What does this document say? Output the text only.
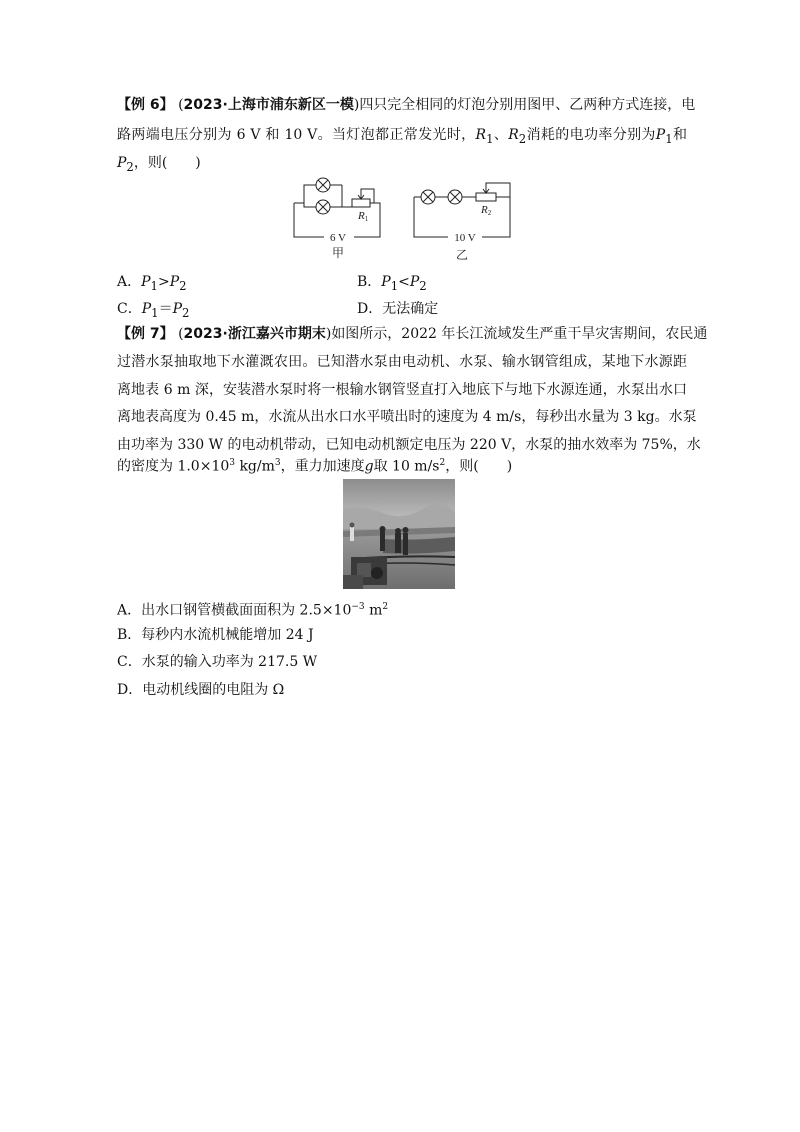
【例 6】 (2023·上海市浦东新区一模)四只完全相同的灯泡分别用图甲、乙两种方式连接，电
路两端电压分别为 6 V 和 10 V。当灯泡都正常发光时，$R_1$、$R_2$消耗的电功率分别为$P_1$和
$P_2$，则(　　)
R1
R2
6 V	10 V
甲	乙
A．$P_1>P_2$	B．$P_1<P_2$
C．$P_1=P_2$	D．无法确定
【例 7】 (2023·浙江嘉兴市期末)如图所示，2022 年长江流域发生严重干旱灾害期间，农民通
过潜水泵抽取地下水灌溉农田。已知潜水泵由电动机、水泵、输水钢管组成，某地下水源距
离地表 6 m 深，安装潜水泵时将一根输水钢管竖直打入地底下与地下水源连通，水泵出水口
离地表高度为 0.45 m，水流从出水口水平喷出时的速度为 4 m/s，每秒出水量为 3 kg。水泵
由功率为 330 W 的电动机带动，已知电动机额定电压为 220 V，水泵的抽水效率为 75%，水
的密度为 $1.0\times 10^3$ $kg/m^3$，重力加速度g取 10 $m/s^2$，则(　　)
A．出水口钢管横截面面积为 $2.5\times 10^{-3}$ $m^2$
B．每秒内水流机械能增加 24 J
C．水泵的输入功率为 217.5 W
D．电动机线圈的电阻为 Ω
